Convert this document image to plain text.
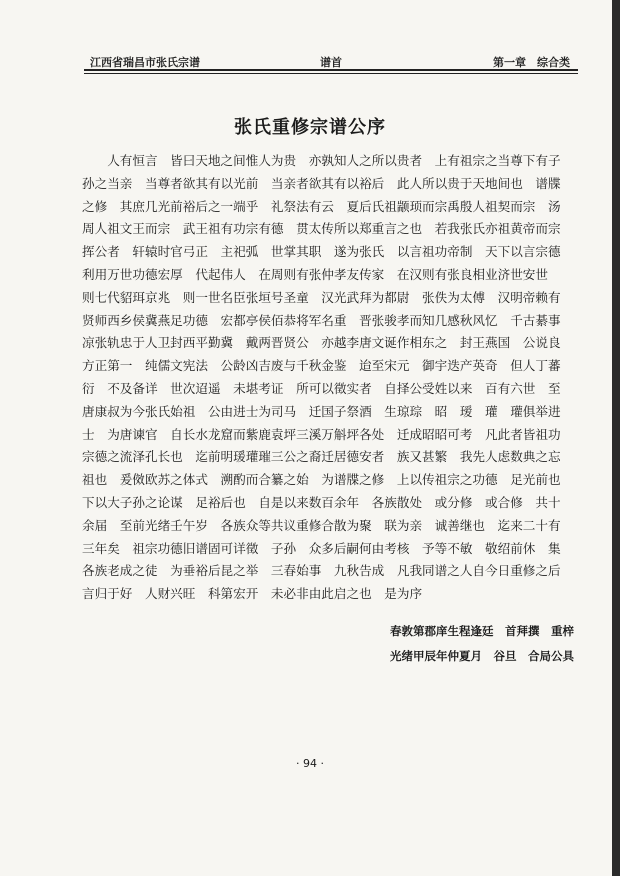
江西省瑞昌市张氏宗谱	谱首	第一章　综合类
张氏重修宗谱公序
　　人有恒言　皆曰天地之间惟人为贵　亦孰知人之所以贵者　上有祖宗之当尊下有子
孙之当亲　当尊者欲其有以光前　当亲者欲其有以裕后　此人所以贵于天地间也　谱牒
之修　其庶几光前裕后之一端乎　礼祭法有云　夏后氏祖颛顼而宗禹殷人祖契而宗　汤
周人祖文王而宗　武王祖有功宗有德　贯太传所以郑重言之也　若我张氏亦祖黄帝而宗
挥公者　轩辕时官弓正　主祀弧　世掌其职　遂为张氏　以言祖功帝制　天下以言宗德
利用万世功德宏厚　代起伟人　在周则有张仲孝友传家　在汉则有张良相业济世安世
则七代貂珥京兆　则一世名臣张垣号圣童　汉光武拜为都尉　张佚为太傅　汉明帝赖有
贤师西乡侯冀燕足功德　宏都亭侯佰恭将军名重　晋张骏孝而知几感秋风忆　千古綦事
凉张轨忠于人卫封西平勤冀　戴两晋贤公　亦越李唐文诞作相东之　封王燕国　公说良
方正第一　纯儒文宪法　公龄凶吉废与千秋金鉴　迨至宋元　御宇迭产英奇　但人丁蕃
衍　不及备详　世次迢遥　未堪考证　所可以徵实者　自择公受姓以来　百有六世　至
唐康叔为今张氏始祖　公由进士为司马　迁国子祭酒　生琼琮　昭　瑷　瓘　瓘俱举进
士　为唐谏官　自长水龙窟而紫鹿袁坪三溪万斛坪各处　迁成昭昭可考　凡此者皆祖功
宗德之流泽孔长也　迄前明瑗瓘璀三公之裔迁居德安者　族又甚繁　我先人虑数典之忘
祖也　爰傚欧苏之体式　溯酌而合纂之始　为谱牒之修　上以传祖宗之功德　足光前也
下以大子孙之论谋　足裕后也　自是以来数百余年　各族散处　或分修　或合修　共十
余届　至前光绪壬午岁　各族众等共议重修合散为聚　联为亲　诚善继也　迄来二十有
三年矣　祖宗功德旧谱固可详徵　子孙　众多后嗣何由考核　予等不敏　敬绍前休　集
各族老成之徒　为垂裕后昆之举　三春始事　九秋告成　凡我同谱之人自今日重修之后
言归于好　人财兴旺　科第宏开　未必非由此启之也　是为序
春敦第郡庠生程逢廷　首拜撰　重梓
光绪甲辰年仲夏月　谷旦　合局公具
· 94 ·
